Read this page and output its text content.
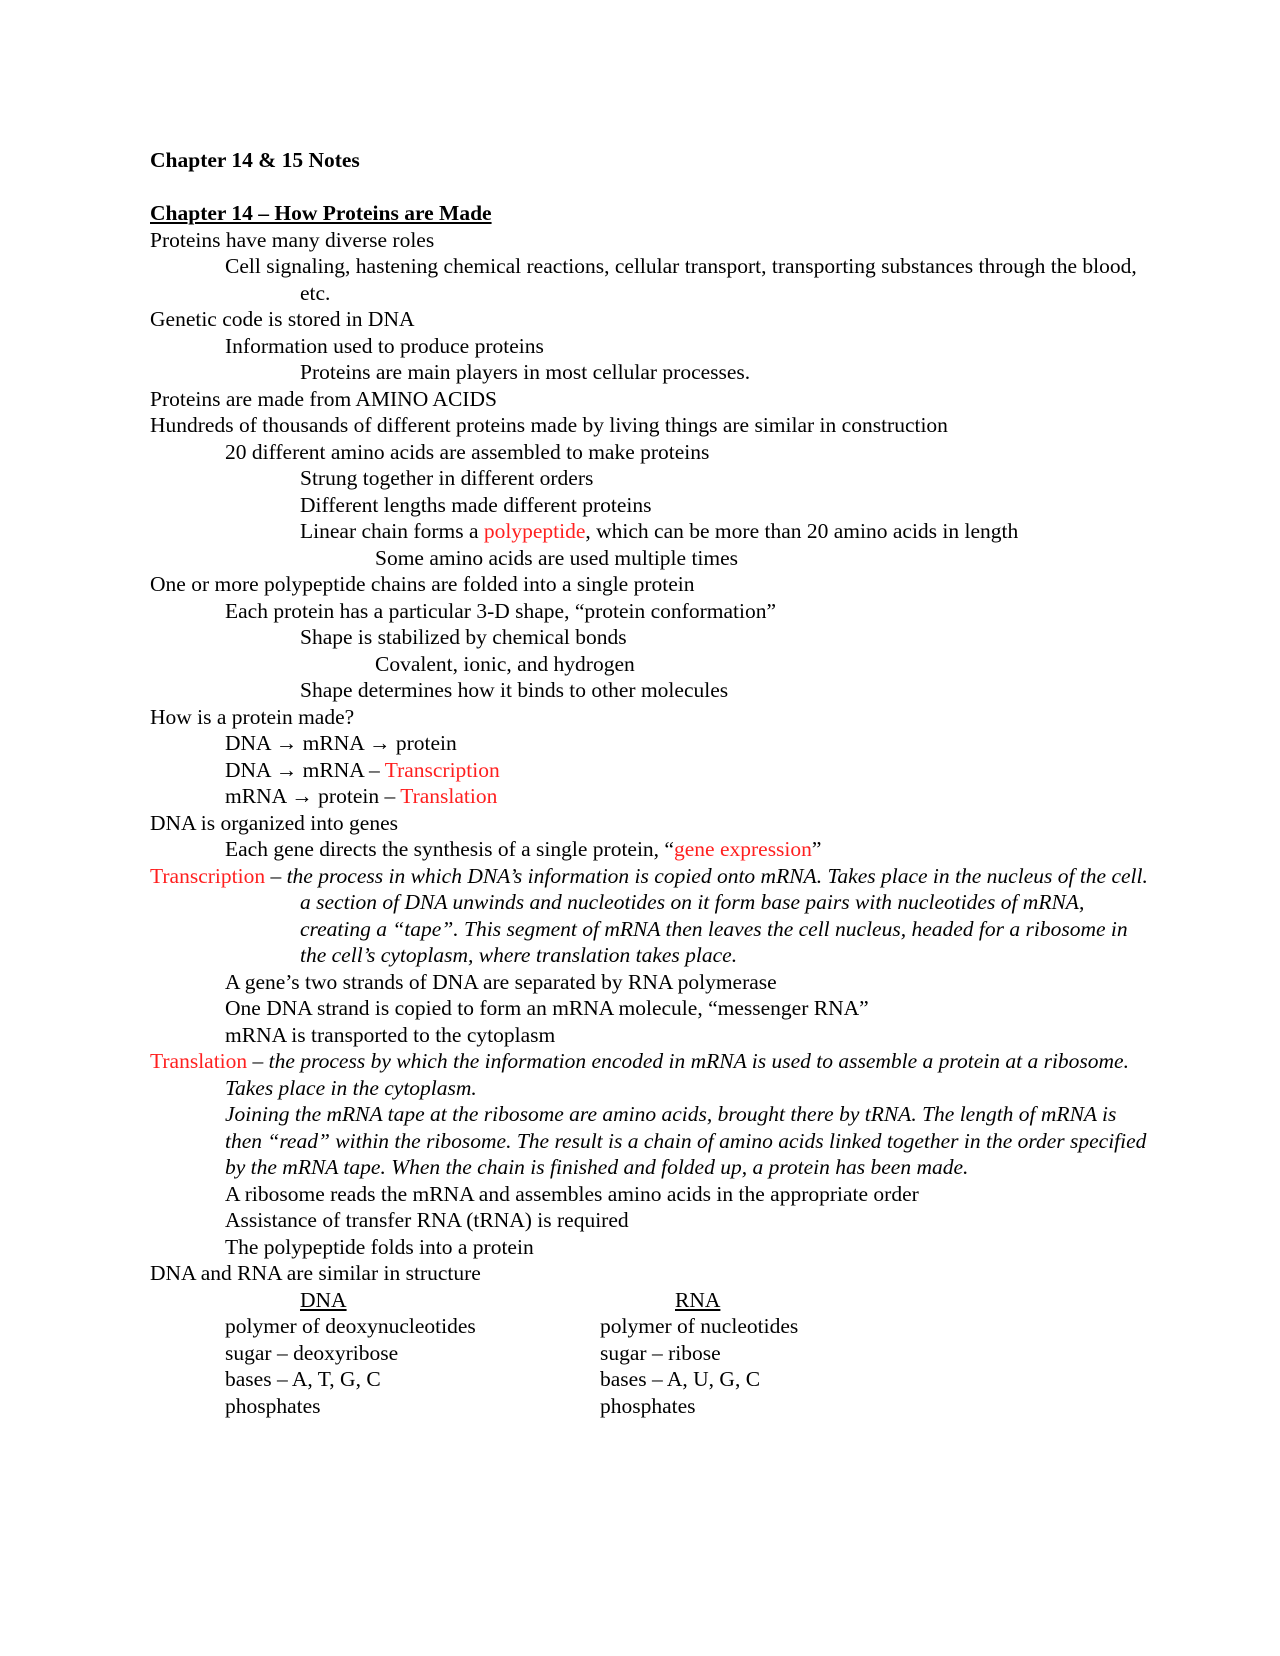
Chapter 14 & 15 Notes
Chapter 14 – How Proteins are Made
Proteins have many diverse roles
Cell signaling, hastening chemical reactions, cellular transport, transporting substances through the blood, etc.
Genetic code is stored in DNA
Information used to produce proteins
Proteins are main players in most cellular processes.
Proteins are made from AMINO ACIDS
Hundreds of thousands of different proteins made by living things are similar in construction
20 different amino acids are assembled to make proteins
Strung together in different orders
Different lengths made different proteins
Linear chain forms a polypeptide, which can be more than 20 amino acids in length
Some amino acids are used multiple times
One or more polypeptide chains are folded into a single protein
Each protein has a particular 3-D shape, “protein conformation”
Shape is stabilized by chemical bonds
Covalent, ionic, and hydrogen
Shape determines how it binds to other molecules
How is a protein made?
DNA → mRNA → protein
DNA → mRNA – Transcription
mRNA → protein – Translation
DNA is organized into genes
Each gene directs the synthesis of a single protein, “gene expression”
Transcription – the process in which DNA’s information is copied onto mRNA. Takes place in the nucleus of the cell.
a section of DNA unwinds and nucleotides on it form base pairs with nucleotides of mRNA, creating a “tape”. This segment of mRNA then leaves the cell nucleus, headed for a ribosome in the cell’s cytoplasm, where translation takes place.
A gene’s two strands of DNA are separated by RNA polymerase
One DNA strand is copied to form an mRNA molecule, “messenger RNA”
mRNA is transported to the cytoplasm
Translation – the process by which the information encoded in mRNA is used to assemble a protein at a ribosome. Takes place in the cytoplasm.
Joining the mRNA tape at the ribosome are amino acids, brought there by tRNA. The length of mRNA is then “read” within the ribosome. The result is a chain of amino acids linked together in the order specified by the mRNA tape. When the chain is finished and folded up, a protein has been made.
A ribosome reads the mRNA and assembles amino acids in the appropriate order
Assistance of transfer RNA (tRNA) is required
The polypeptide folds into a protein
DNA and RNA are similar in structure
DNA
polymer of deoxynucleotides
sugar – deoxyribose
bases – A, T, G, C
phosphates
RNA
polymer of nucleotides
sugar – ribose
bases – A, U, G, C
phosphates
